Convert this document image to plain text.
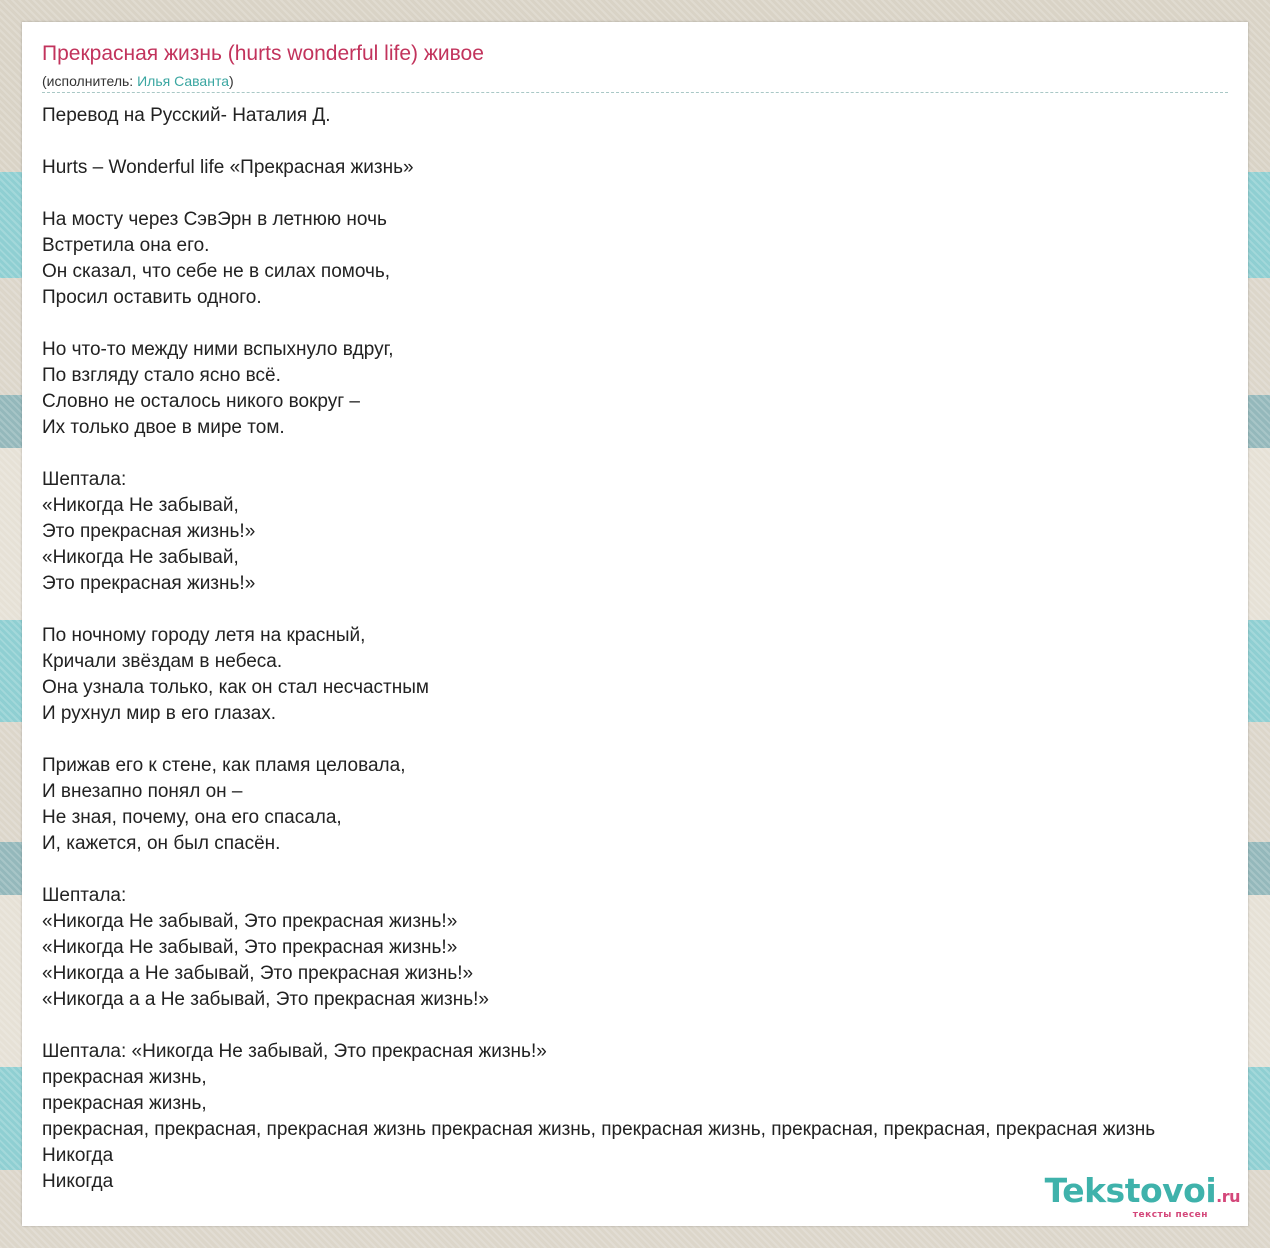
Прекрасная жизнь (hurts wonderful life) живое
(исполнитель: Илья Саванта)
Перевод на Русский- Наталия Д.
Hurts – Wonderful life «Прекрасная жизнь»
На мосту через СэвЭрн в летнюю ночь
Встретила она его.
Он сказал, что себе не в силах помочь,
Просил оставить одного.
Но что-то между ними вспыхнуло вдруг,
По взгляду стало ясно всё.
Словно не осталось никого вокруг –
Их только двое в мире том.
Шептала:
«Никогда Не забывай,
Это прекрасная жизнь!»
«Никогда Не забывай,
Это прекрасная жизнь!»
По ночному городу летя на красный,
Кричали звёздам в небеса.
Она узнала только, как он стал несчастным
И рухнул мир в его глазах.
Прижав его к стене, как пламя целовала,
И внезапно понял он –
Не зная, почему, она его спасала,
И, кажется, он был спасён.
Шептала:
«Никогда Не забывай, Это прекрасная жизнь!»
«Никогда Не забывай, Это прекрасная жизнь!»
«Никогда а Не забывай, Это прекрасная жизнь!»
«Никогда а а Не забывай, Это прекрасная жизнь!»
Шептала: «Никогда Не забывай, Это прекрасная жизнь!»
прекрасная жизнь,
прекрасная жизнь,
прекрасная, прекрасная, прекрасная жизнь прекрасная жизнь, прекрасная жизнь, прекрасная, прекрасная, прекрасная жизнь
Никогда
Никогда	Tekstovoi.ru
тексты песен
